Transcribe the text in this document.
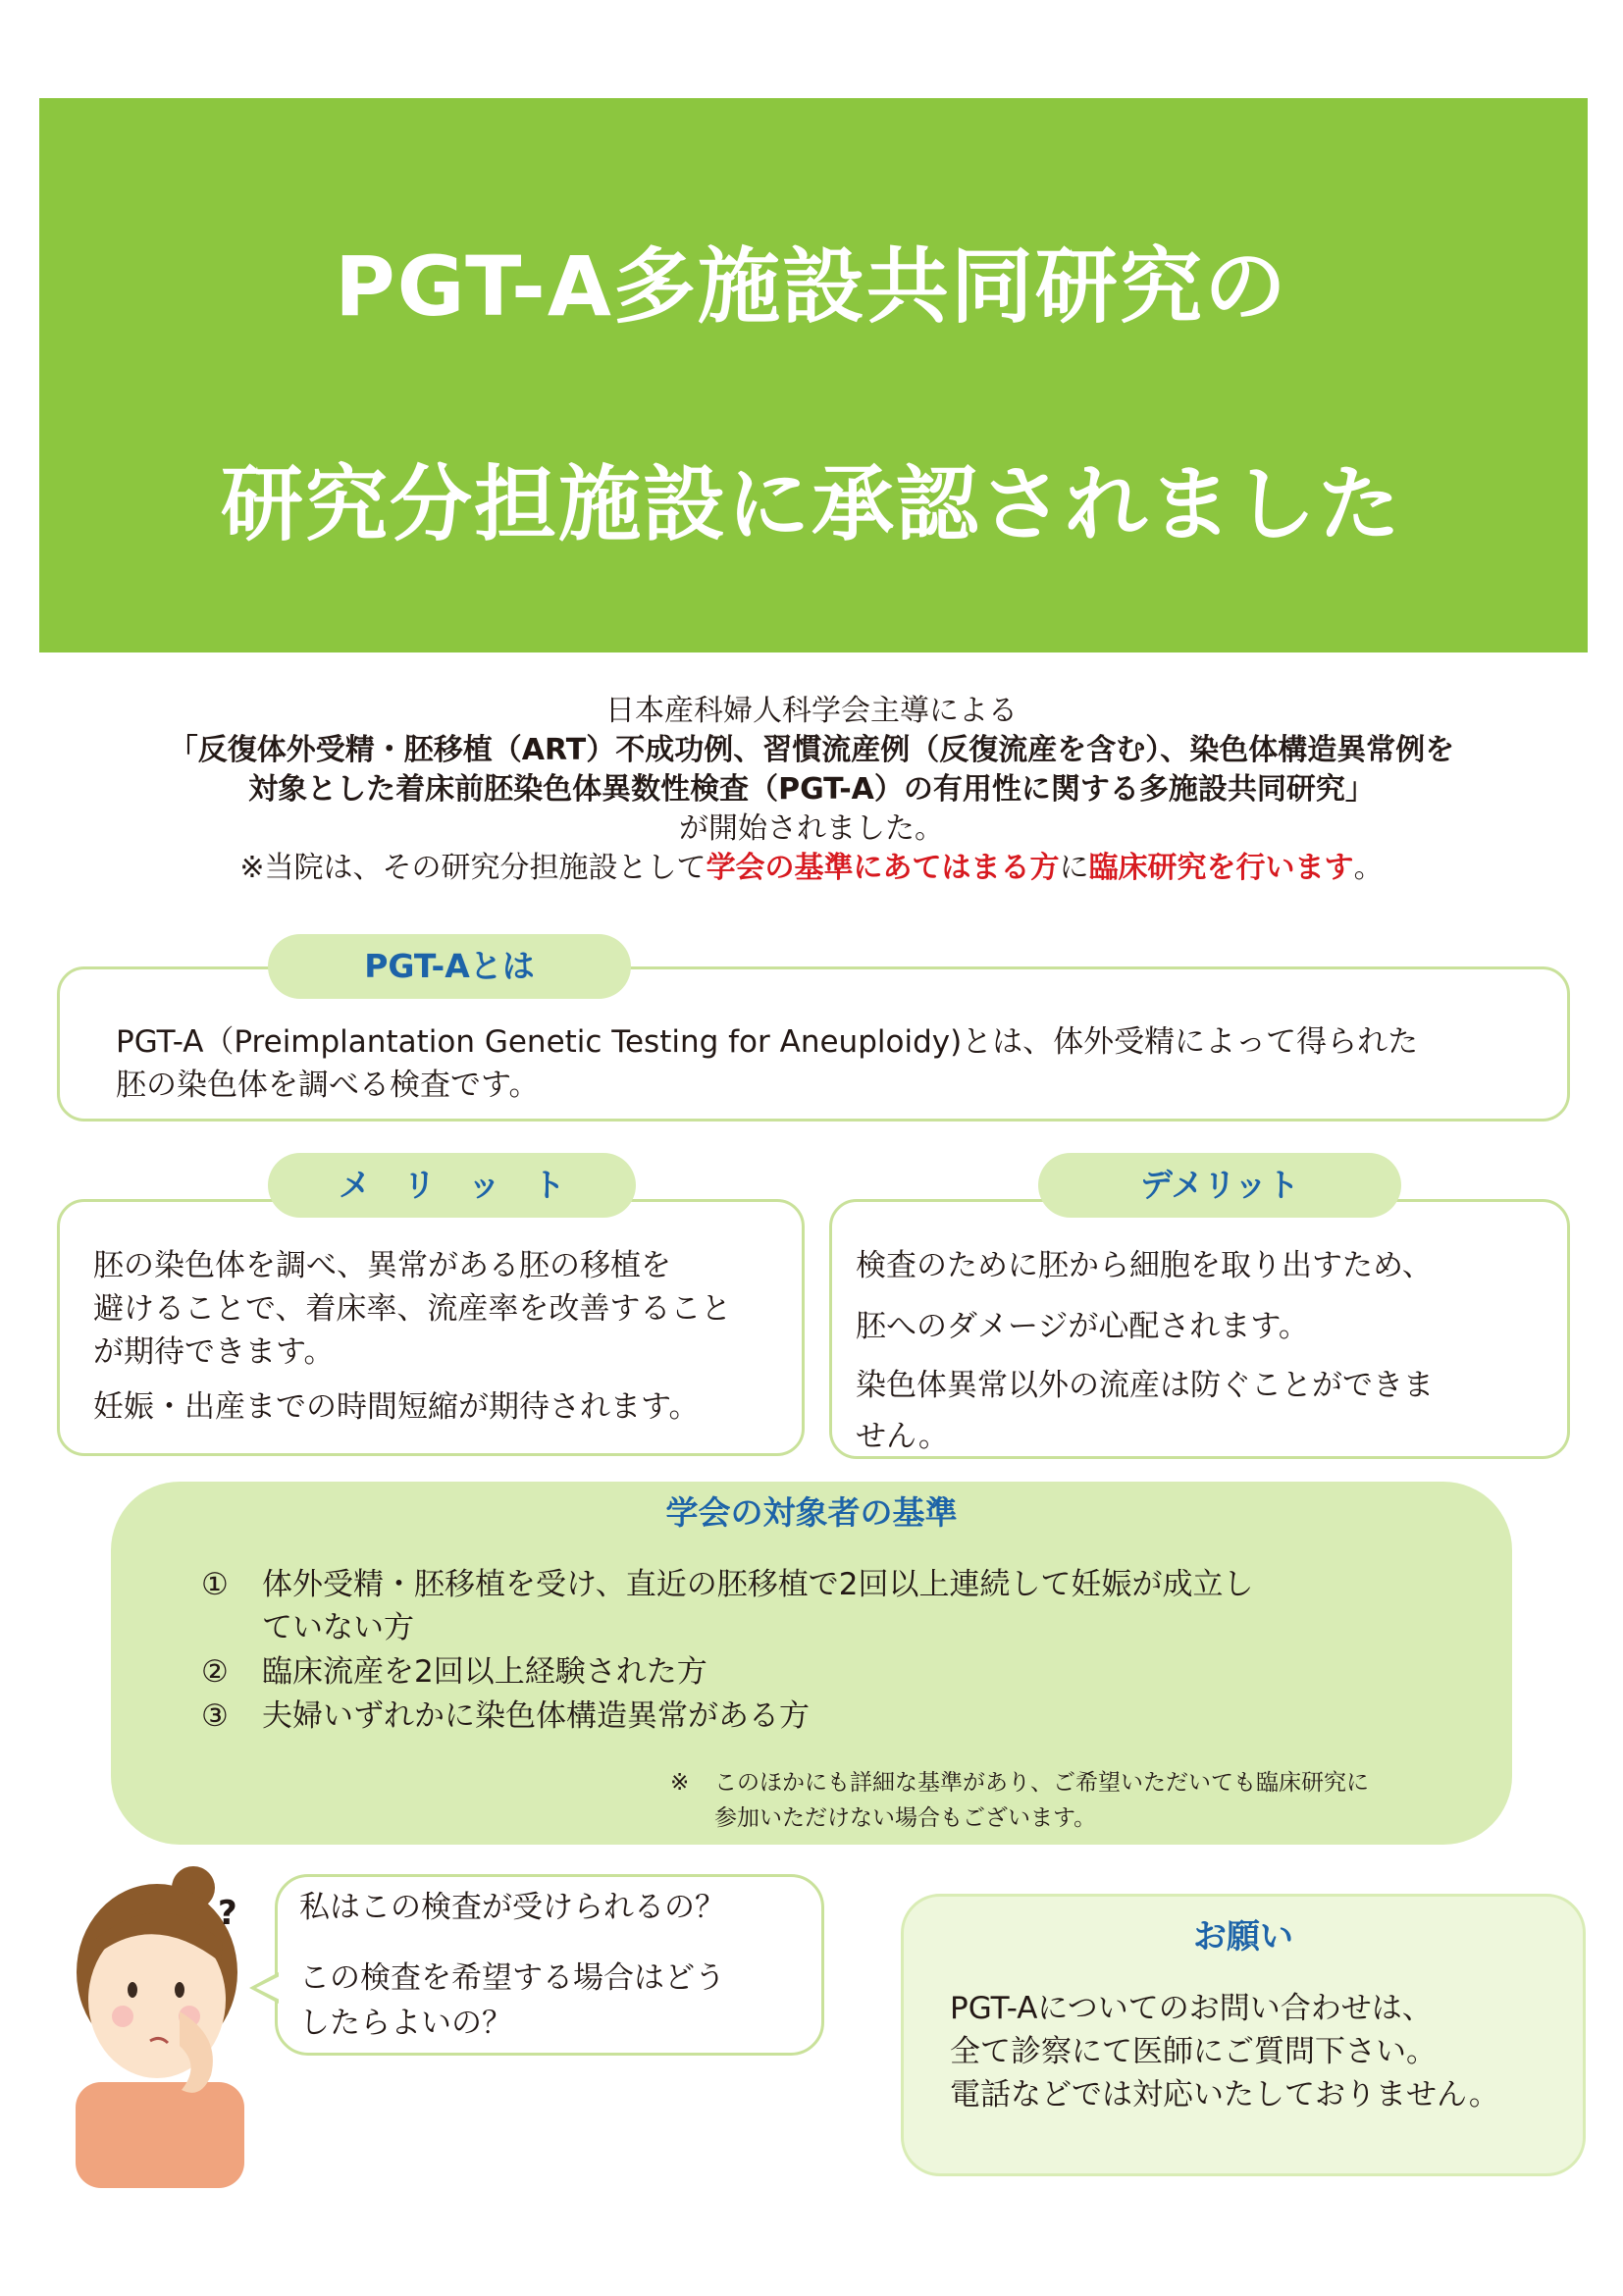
PGT-A多施設共同研究の
研究分担施設に承認されました
日本産科婦人科学会主導による
「反復体外受精・胚移植（ART）不成功例、習慣流産例（反復流産を含む）、染色体構造異常例を
対象とした着床前胚染色体異数性検査（PGT-A）の有用性に関する多施設共同研究」
が開始されました。
※当院は、その研究分担施設として学会の基準にあてはまる方に臨床研究を行います。
PGT-Aとは
PGT-A（Preimplantation Genetic Testing for Aneuploidy)とは、体外受精によって得られた
胚の染色体を調べる検査です。
メ　リ　ッ　ト
胚の染色体を調べ、異常がある胚の移植を
避けることで、着床率、流産率を改善すること
が期待できます。
妊娠・出産までの時間短縮が期待されます。
デメリット
検査のために胚から細胞を取り出すため、
胚へのダメージが心配されます。
染色体異常以外の流産は防ぐことができま
せん。
学会の対象者の基準
① 体外受精・胚移植を受け、直近の胚移植で2回以上連続して妊娠が成立し
ていない方
② 臨床流産を2回以上経験された方
③ 夫婦いずれかに染色体構造異常がある方
※ このほかにも詳細な基準があり、ご希望いただいても臨床研究に
参加いただけない場合もございます。
? 私はこの検査が受けられるの？
この検査を希望する場合はどう
したらよいの？
お願い
PGT-Aについてのお問い合わせは、
全て診察にて医師にご質問下さい。
電話などでは対応いたしておりません。
